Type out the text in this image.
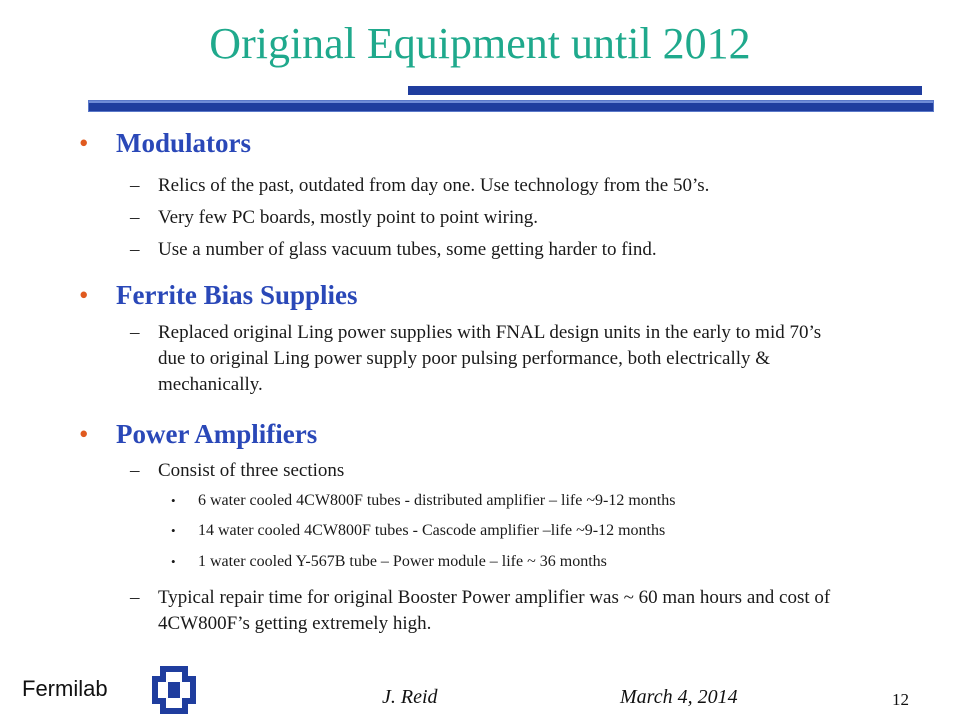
Original Equipment until 2012
• Modulators
– Relics of the past, outdated from day one. Use technology from the 50’s.
– Very few PC boards, mostly point to point wiring.
– Use a number of glass vacuum tubes, some getting harder to find.
• Ferrite Bias Supplies
– Replaced original Ling power supplies with FNAL design units in the early to mid 70’s due to original Ling power supply poor pulsing performance, both electrically & mechanically.
• Power Amplifiers
– Consist of three sections
• 6 water cooled 4CW800F tubes - distributed amplifier – life ~9-12 months
• 14 water cooled 4CW800F tubes - Cascode amplifier –life ~9-12 months
• 1 water cooled Y-567B tube – Power module – life ~ 36 months
– Typical repair time for original Booster Power amplifier was ~ 60 man hours and cost of 4CW800F’s getting extremely high.
Fermilab	J. Reid	March 4, 2014	12
